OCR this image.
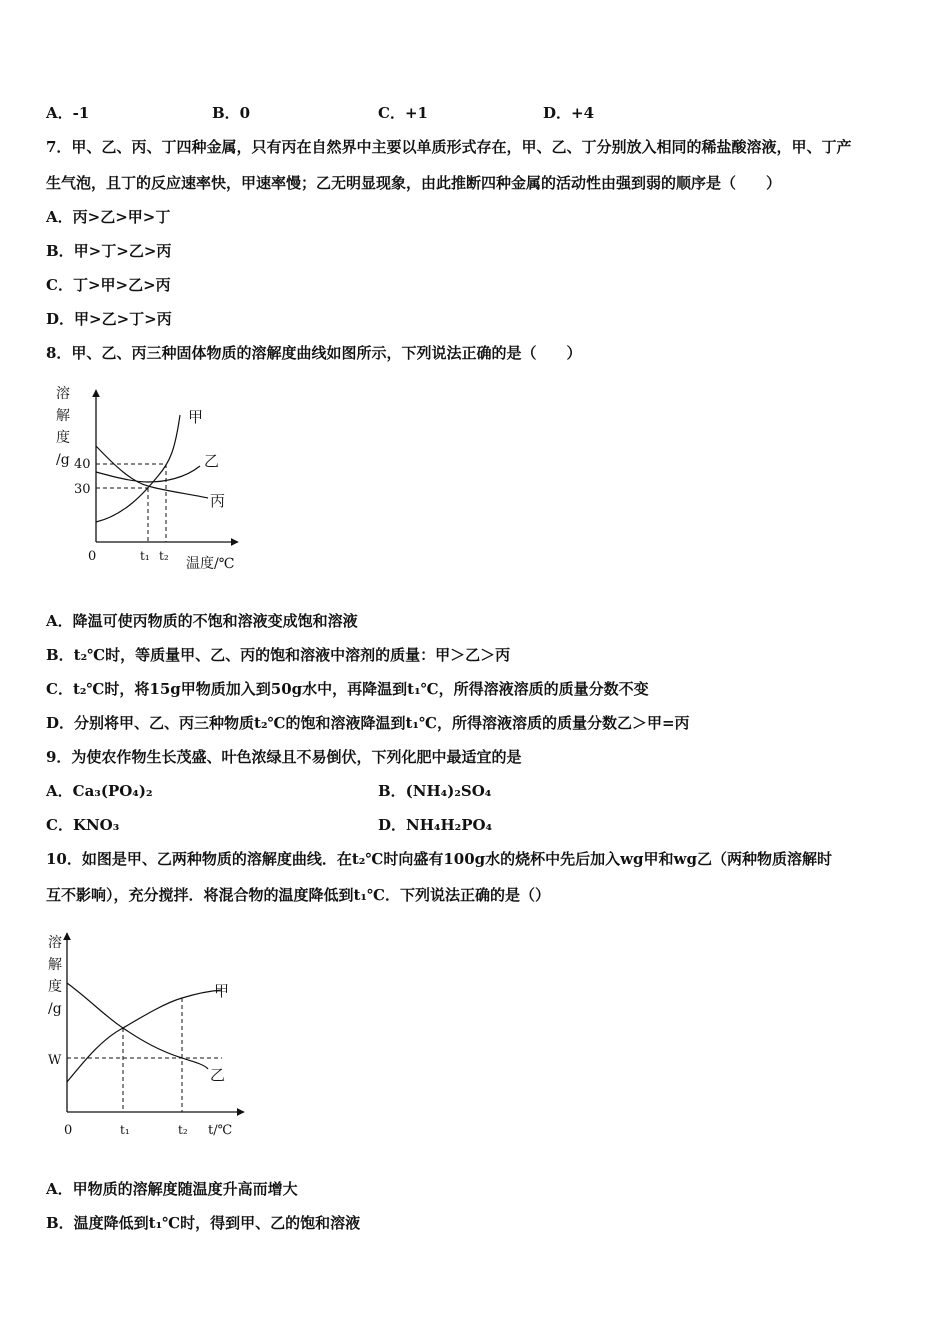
A．-1	B．0	C．+1	D．+4
7．甲、乙、丙、丁四种金属，只有丙在自然界中主要以单质形式存在，甲、乙、丁分别放入相同的稀盐酸溶液，甲、丁产
生气泡，且丁的反应速率快，甲速率慢；乙无明显现象，由此推断四种金属的活动性由强到弱的顺序是（　　）
A．丙>乙>甲>丁
B．甲>丁>乙>丙
C．丁>甲>乙>丙
D．甲>乙>丁>丙
8．甲、乙、丙三种固体物质的溶解度曲线如图所示，下列说法正确的是（　　）
溶
解
度
/g 40
30
0	t₁ t₂ 温度/℃
甲
乙
丙
A．降温可使丙物质的不饱和溶液变成饱和溶液
B．t₂℃时，等质量甲、乙、丙的饱和溶液中溶剂的质量：甲＞乙＞丙
C．t₂℃时，将15g甲物质加入到50g水中，再降温到t₁℃，所得溶液溶质的质量分数不变
D．分别将甲、乙、丙三种物质t₂℃的饱和溶液降温到t₁℃，所得溶液溶质的质量分数乙＞甲=丙
9．为使农作物生长茂盛、叶色浓绿且不易倒伏，下列化肥中最适宜的是
A．Ca₃(PO₄)₂	B．(NH₄)₂SO₄
C．KNO₃	D．NH₄H₂PO₄
10．如图是甲、乙两种物质的溶解度曲线．在t₂℃时向盛有100g水的烧杯中先后加入wg甲和wg乙（两种物质溶解时
互不影响），充分搅拌．将混合物的温度降低到t₁℃．下列说法正确的是（）
溶
解
度
/g
W
0	t₁	t₂ t/℃
甲
乙
A．甲物质的溶解度随温度升高而增大
B．温度降低到t₁℃时，得到甲、乙的饱和溶液
